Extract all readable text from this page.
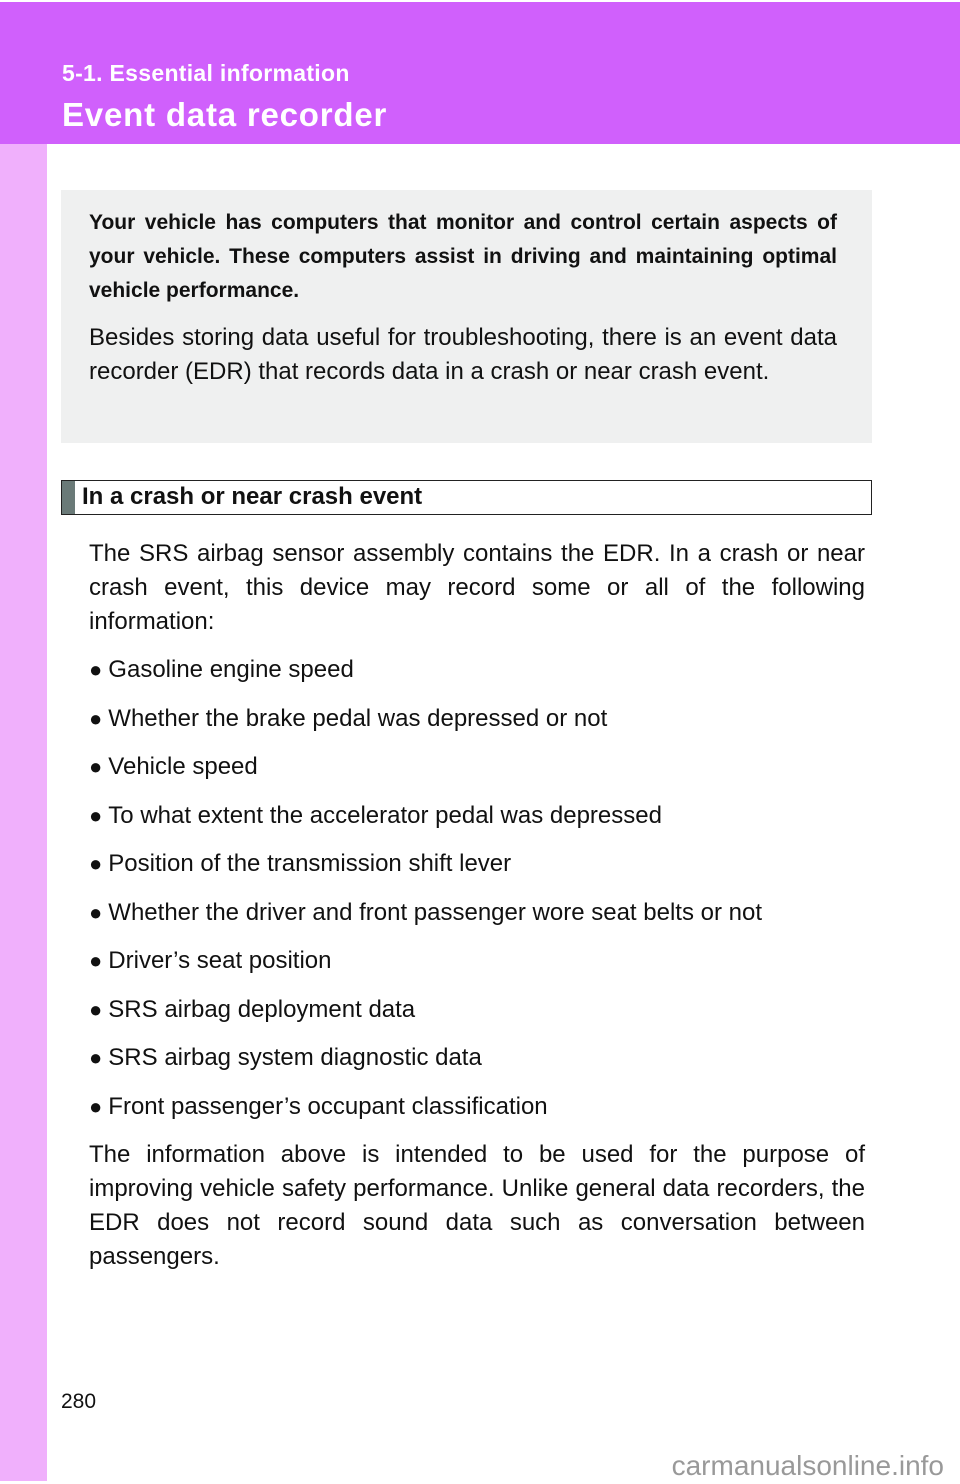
5-1. Essential information
Event data recorder
Your vehicle has computers that monitor and control certain aspects of your vehicle. These computers assist in driving and maintaining optimal vehicle performance.
Besides storing data useful for troubleshooting, there is an event data recorder (EDR) that records data in a crash or near crash event.
In a crash or near crash event
The SRS airbag sensor assembly contains the EDR. In a crash or near crash event, this device may record some or all of the following information:
● Gasoline engine speed
● Whether the brake pedal was depressed or not
● Vehicle speed
● To what extent the accelerator pedal was depressed
● Position of the transmission shift lever
● Whether the driver and front passenger wore seat belts or not
● Driver’s seat position
● SRS airbag deployment data
● SRS airbag system diagnostic data
● Front passenger’s occupant classification
The information above is intended to be used for the purpose of improving vehicle safety performance. Unlike general data recorders, the EDR does not record sound data such as conversation between passengers.
280
carmanualsonline.info
